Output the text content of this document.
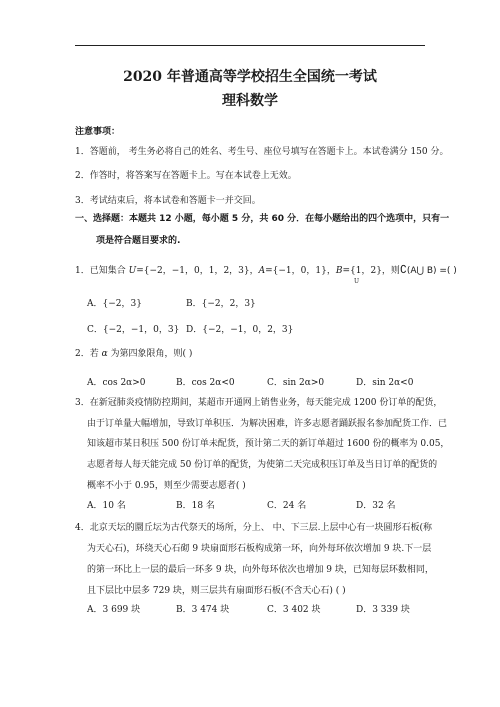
2020 年普通高等学校招生全国统一考试
理科数学
注意事项：
1．答题前， 考生务必将自己的姓名、考生号、座位号填写在答题卡上。本试卷满分 150 分。
2．作答时，将答案写在答题卡上。写在本试卷上无效。
3．考试结束后，将本试卷和答题卡一并交回。
一、选择题：本题共 12 小题，每小题 5 分，共 60 分．在每小题给出的四个选项中，只有一
项是符合题目要求的.
1．已知集合 U={−2，−1，0，1，2，3}，A={−1，0，1}，B={1，2}，则∁(A⋃ B) =( )
U
A．{−2，3}	B．{−2，2，3}
C．{−2，−1，0，3} D．{−2，−1，0，2，3}
2．若 α 为第四象限角，则( )
A．cos 2α>0	B．cos 2α<0	C．sin 2α>0	D．sin 2α<0
3．在新冠肺炎疫情防控期间，某超市开通网上销售业务，每天能完成 1200 份订单的配货，
由于订单量大幅增加，导致订单积压．为解决困难，许多志愿者踊跃报名参加配货工作．已
知该超市某日积压 500 份订单未配货，预计第二天的新订单超过 1600 份的概率为 0.05，
志愿者每人每天能完成 50 份订单的配货，为使第二天完成积压订单及当日订单的配货的
概率不小于 0.95，则至少需要志愿者( )
A．10 名	B．18 名	C．24 名	D．32 名
4．北京天坛的圜丘坛为古代祭天的场所，分上、 中、下三层.上层中心有一块圆形石板(称
为天心石)，环绕天心石砌 9 块扇面形石板构成第一环，向外每环依次增加 9 块.下一层
的第一环比上一层的最后一环多 9 块，向外每环依次也增加 9 块，已知每层环数相同，
且下层比中层多 729 块，则三层共有扇面形石板(不含天心石) ( )
A．3 699 块	B．3 474 块	C．3 402 块	D．3 339 块
